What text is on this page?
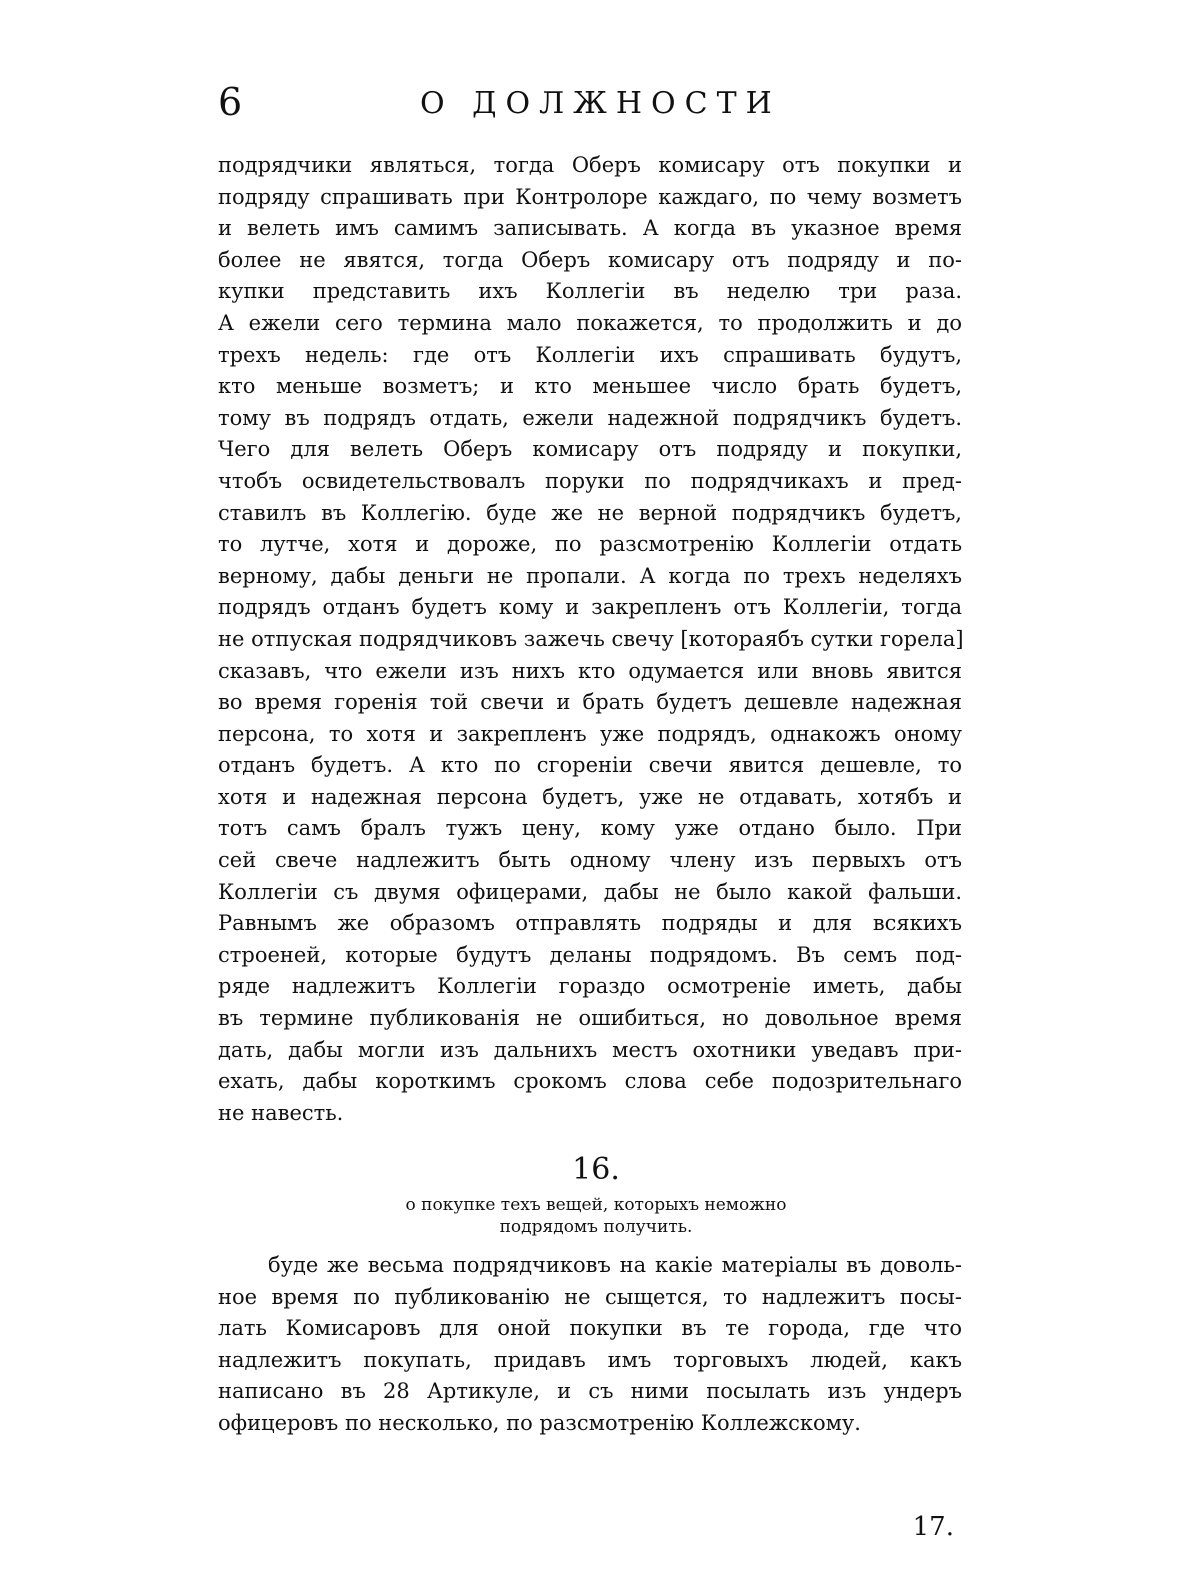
6	О ДОЛЖНОСТИ
подрядчики являться, тогда Оберъ комисару отъ покупки и
подряду спрашивать при Контролоре каждаго, по чему возметъ
и велеть имъ самимъ записывать. А когда въ указное время
более не явятся, тогда Оберъ комисару отъ подряду и по-
купки представить ихъ Коллегіи въ неделю три раза.
А ежели сего термина мало покажется, то продолжить и до
трехъ недель: где отъ Коллегіи ихъ спрашивать будутъ,
кто меньше возметъ; и кто меньшее число брать будетъ,
тому въ подрядъ отдать, ежели надежной подрядчикъ будетъ.
Чего для велеть Оберъ комисару отъ подряду и покупки,
чтобъ освидетельствовалъ поруки по подрядчикахъ и пред-
ставилъ въ Коллегію. буде же не верной подрядчикъ будетъ,
то лутче, хотя и дороже, по разсмотренію Коллегіи отдать
верному, дабы деньги не пропали. А когда по трехъ неделяхъ
подрядъ отданъ будетъ кому и закрепленъ отъ Коллегіи, тогда
не отпуская подрядчиковъ зажечь свечу [котораябъ сутки горела]
сказавъ, что ежели изъ нихъ кто одумается или вновь явится
во время горенія той свечи и брать будетъ дешевле надежная
персона, то хотя и закрепленъ уже подрядъ, однакожъ оному
отданъ будетъ. А кто по сгореніи свечи явится дешевле, то
хотя и надежная персона будетъ, уже не отдавать, хотябъ и
тотъ самъ бралъ тужъ цену, кому уже отдано было. При
сей свече надлежитъ быть одному члену изъ первыхъ отъ
Коллегіи съ двумя офицерами, дабы не было какой фальши.
Равнымъ же образомъ отправлять подряды и для всякихъ
строеней, которые будутъ деланы подрядомъ. Въ семъ под-
ряде надлежитъ Коллегіи гораздо осмотреніе иметь, дабы
въ термине публикованія не ошибиться, но довольное время
дать, дабы могли изъ дальнихъ местъ охотники уведавъ при-
ехать, дабы короткимъ срокомъ слова себе подозрительнаго
не навесть.
16.
о покупке техъ вещей, которыхъ неможно
подрядомъ получить.
буде же весьма подрядчиковъ на какіе матеріалы въ доволь-
ное время по публикованію не сыщется, то надлежитъ посы-
лать Комисаровъ для оной покупки въ те города, где что
надлежитъ покупать, придавъ имъ торговыхъ людей, какъ
написано въ 28 Артикуле, и съ ними посылать изъ ундеръ
офицеровъ по несколько, по разсмотренію Коллежскому.
17.
